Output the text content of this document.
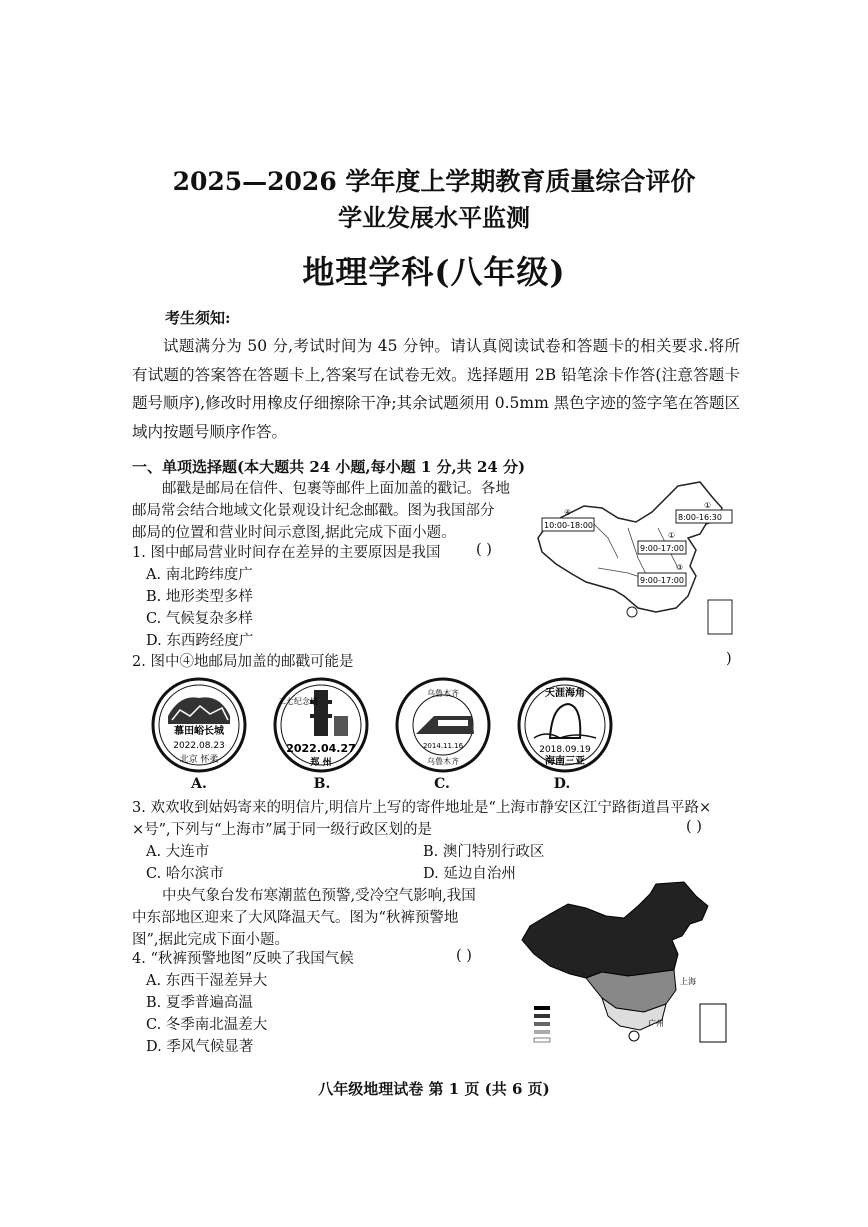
2025—2026 学年度上学期教育质量综合评价
学业发展水平监测
地理学科(八年级)
考生须知:
试题满分为 50 分,考试时间为 45 分钟。请认真阅读试卷和答题卡的相关要求.将所有试题的答案答在答题卡上,答案写在试卷无效。选择题用 2B 铅笔涂卡作答(注意答题卡题号顺序),修改时用橡皮仔细擦除干净;其余试题须用 0.5mm 黑色字迹的签字笔在答题区域内按题号顺序作答。
一、单项选择题(本大题共 24 小题,每小题 1 分,共 24 分)
邮戳是邮局在信件、包裹等邮件上面加盖的戳记。各地
邮局常会结合地域文化景观设计纪念邮戳。图为我国部分
邮局的位置和营业时间示意图,据此完成下面小题。	10:00-18:00
④
8:00-16:30
①
9:00-17:00
①
9:00-17:00
③
1. 图中邮局营业时间存在差异的主要原因是我国 ( )
A. 南北跨纬度广
B. 地形类型多样
C. 气候复杂多样
D. 东西跨经度广
2. 图中④地邮局加盖的邮戳可能是	)
慕田峪长城
2022.08.23
北京 怀柔
二七纪念塔
2022.04.27
郑 州
乌鲁木齐
2014.11.16
乌鲁木齐
天涯海角
2018.09.19
海南三亚
A.	B.	C.	D.
3. 欢欢收到姑妈寄来的明信片,明信片上写的寄件地址是“上海市静安区江宁路街道昌平路×
×号”,下列与“上海市”属于同一级行政区划的是	( )
A. 大连市	B. 澳门特别行政区
C. 哈尔滨市	D. 延边自治州
中央气象台发布寒潮蓝色预警,受冷空气影响,我国
中东部地区迎来了大风降温天气。图为“秋裤预警地
图”,据此完成下面小题。
上海
广州
4. “秋裤预警地图”反映了我国气候	( )
A. 东西干湿差异大
B. 夏季普遍高温
C. 冬季南北温差大
D. 季风气候显著
八年级地理试卷 第 1 页 (共 6 页)
